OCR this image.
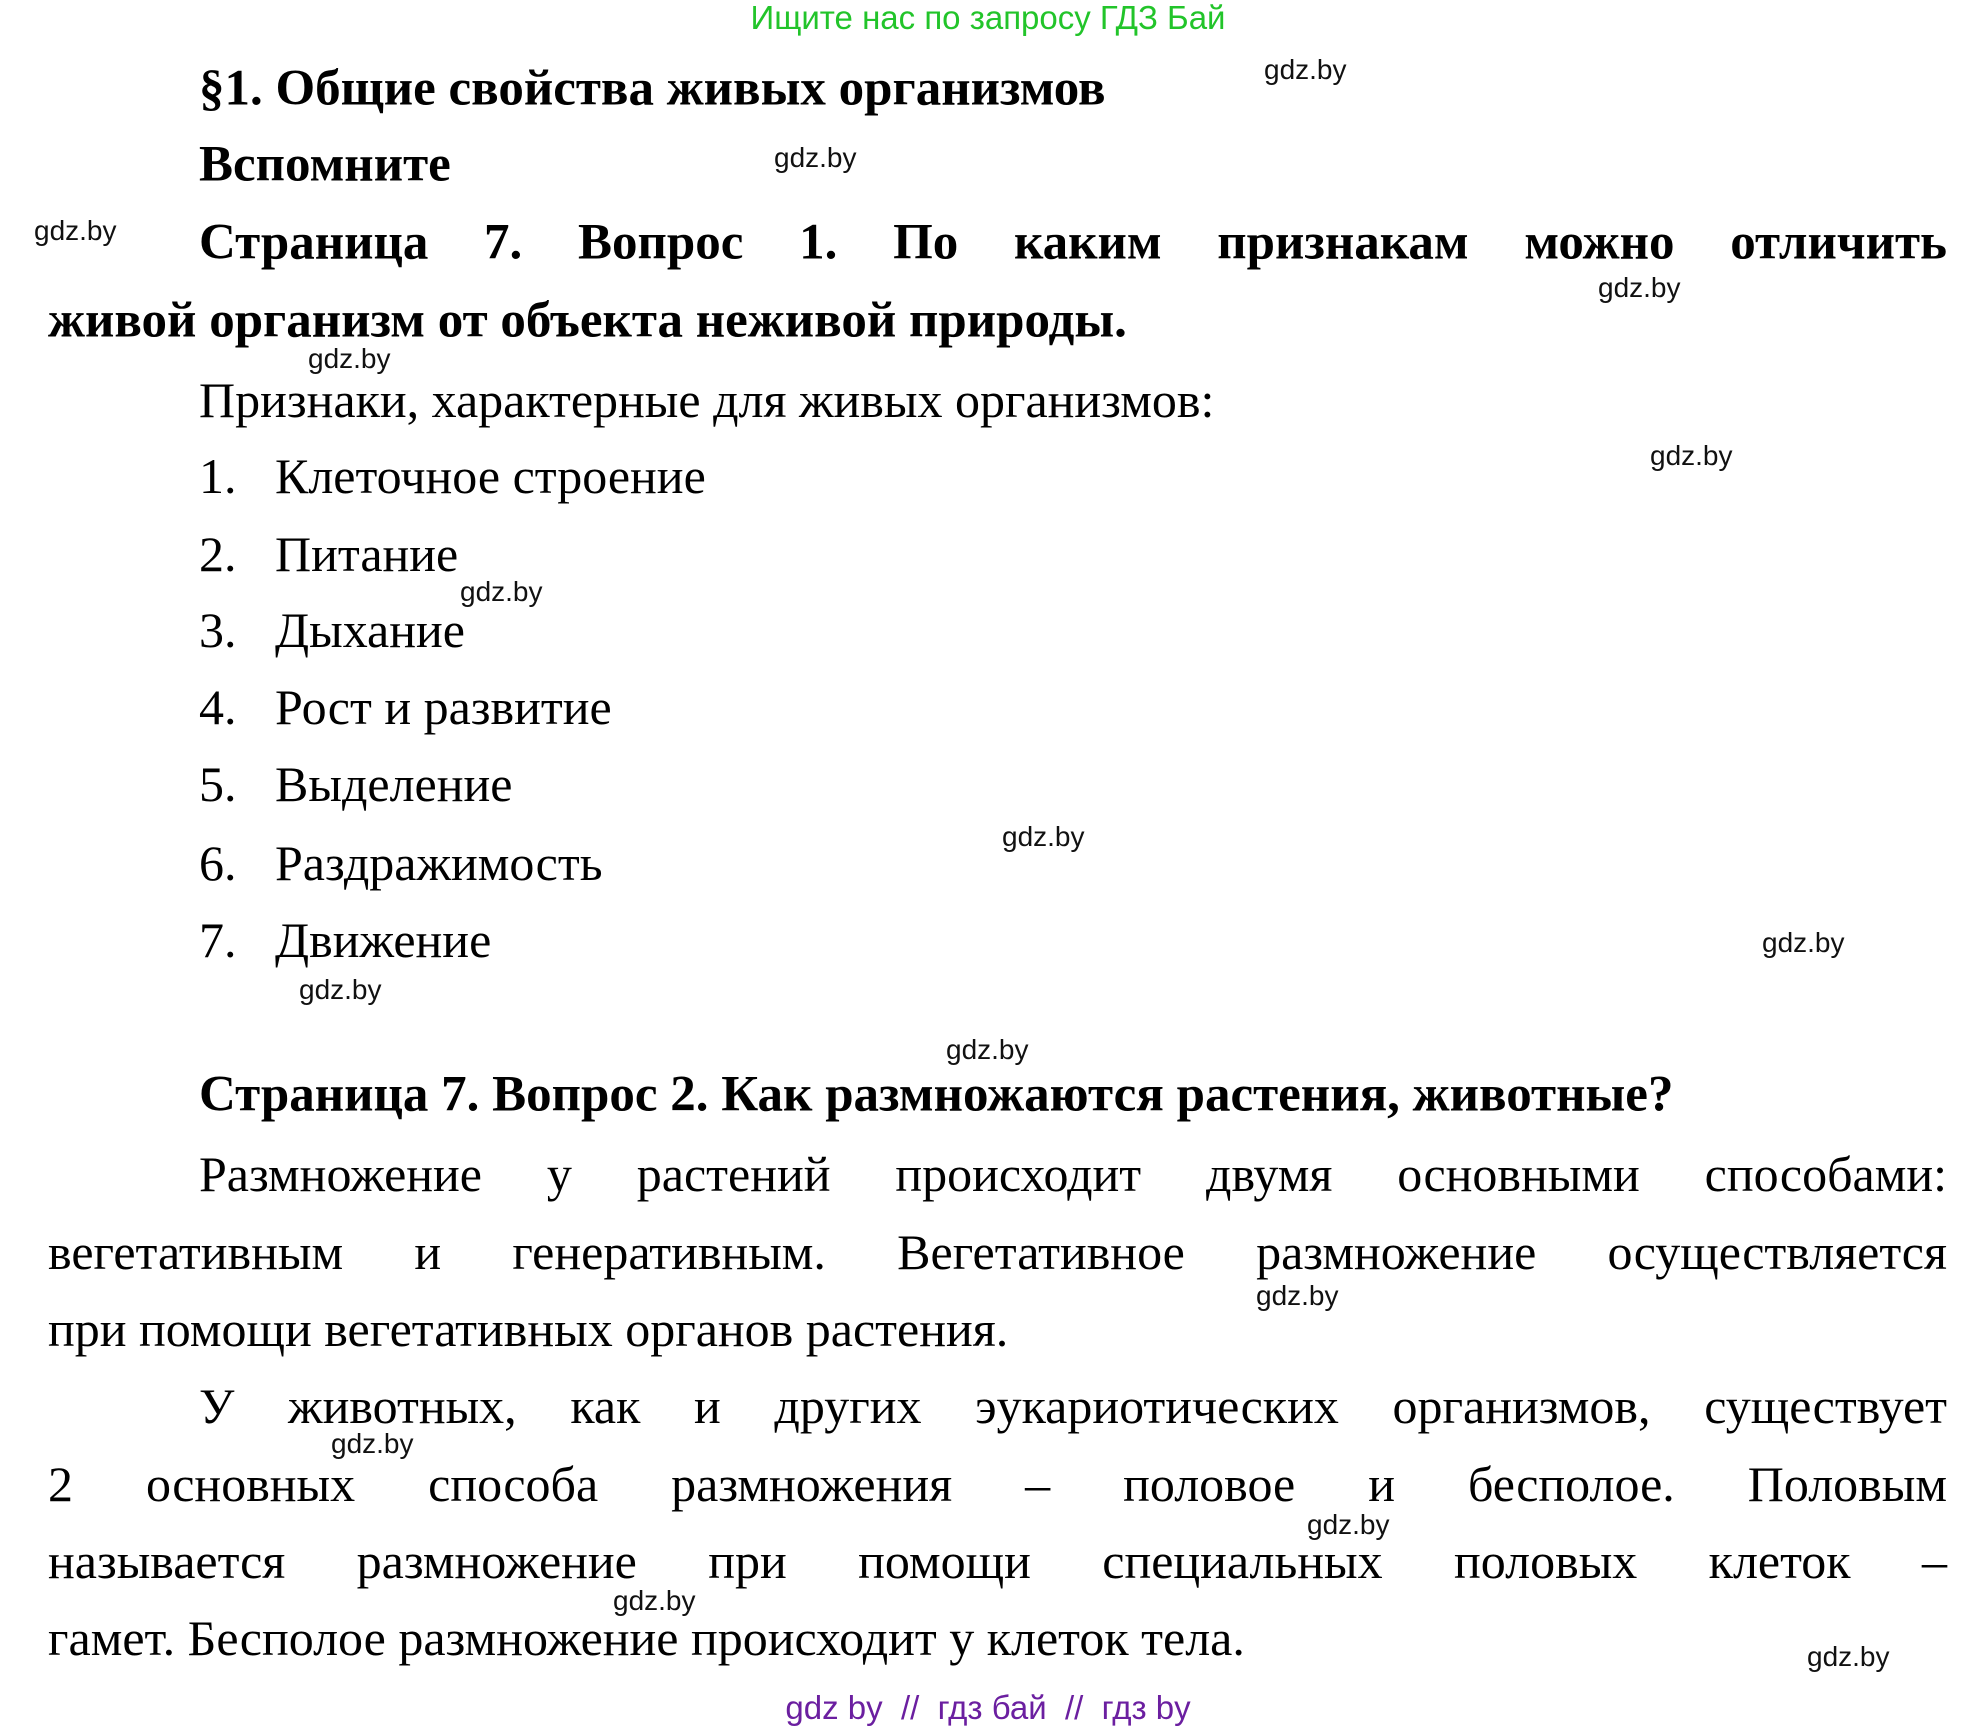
Ищите нас по запросу ГДЗ Бай
§1. Общие свойства живых организмов
Вспомните
Страница 7. Вопрос 1. По каким признакам можно отличить
живой организм от объекта неживой природы.
Признаки, характерные для живых организмов:
1. Клеточное строение
2. Питание
3. Дыхание
4. Рост и развитие
5. Выделение
6. Раздражимость
7. Движение
Страница 7. Вопрос 2. Как размножаются растения, животные?
Размножение у растений происходит двумя основными способами:
вегетативным и генеративным. Вегетативное размножение осуществляется
при помощи вегетативных органов растения.
У животных, как и других эукариотических организмов, существует
2 основных способа размножения – половое и бесполое. Половым
называется размножение при помощи специальных половых клеток –
гамет. Бесполое размножение происходит у клеток тела.
gdz.by
gdz.by
gdz.by
gdz.by
gdz.by
gdz.by
gdz.by
gdz.by
gdz.by
gdz.by
gdz.by
gdz.by
gdz.by
gdz.by
gdz.by
gdz.by
gdz by  //  гдз бай  //  гдз by
